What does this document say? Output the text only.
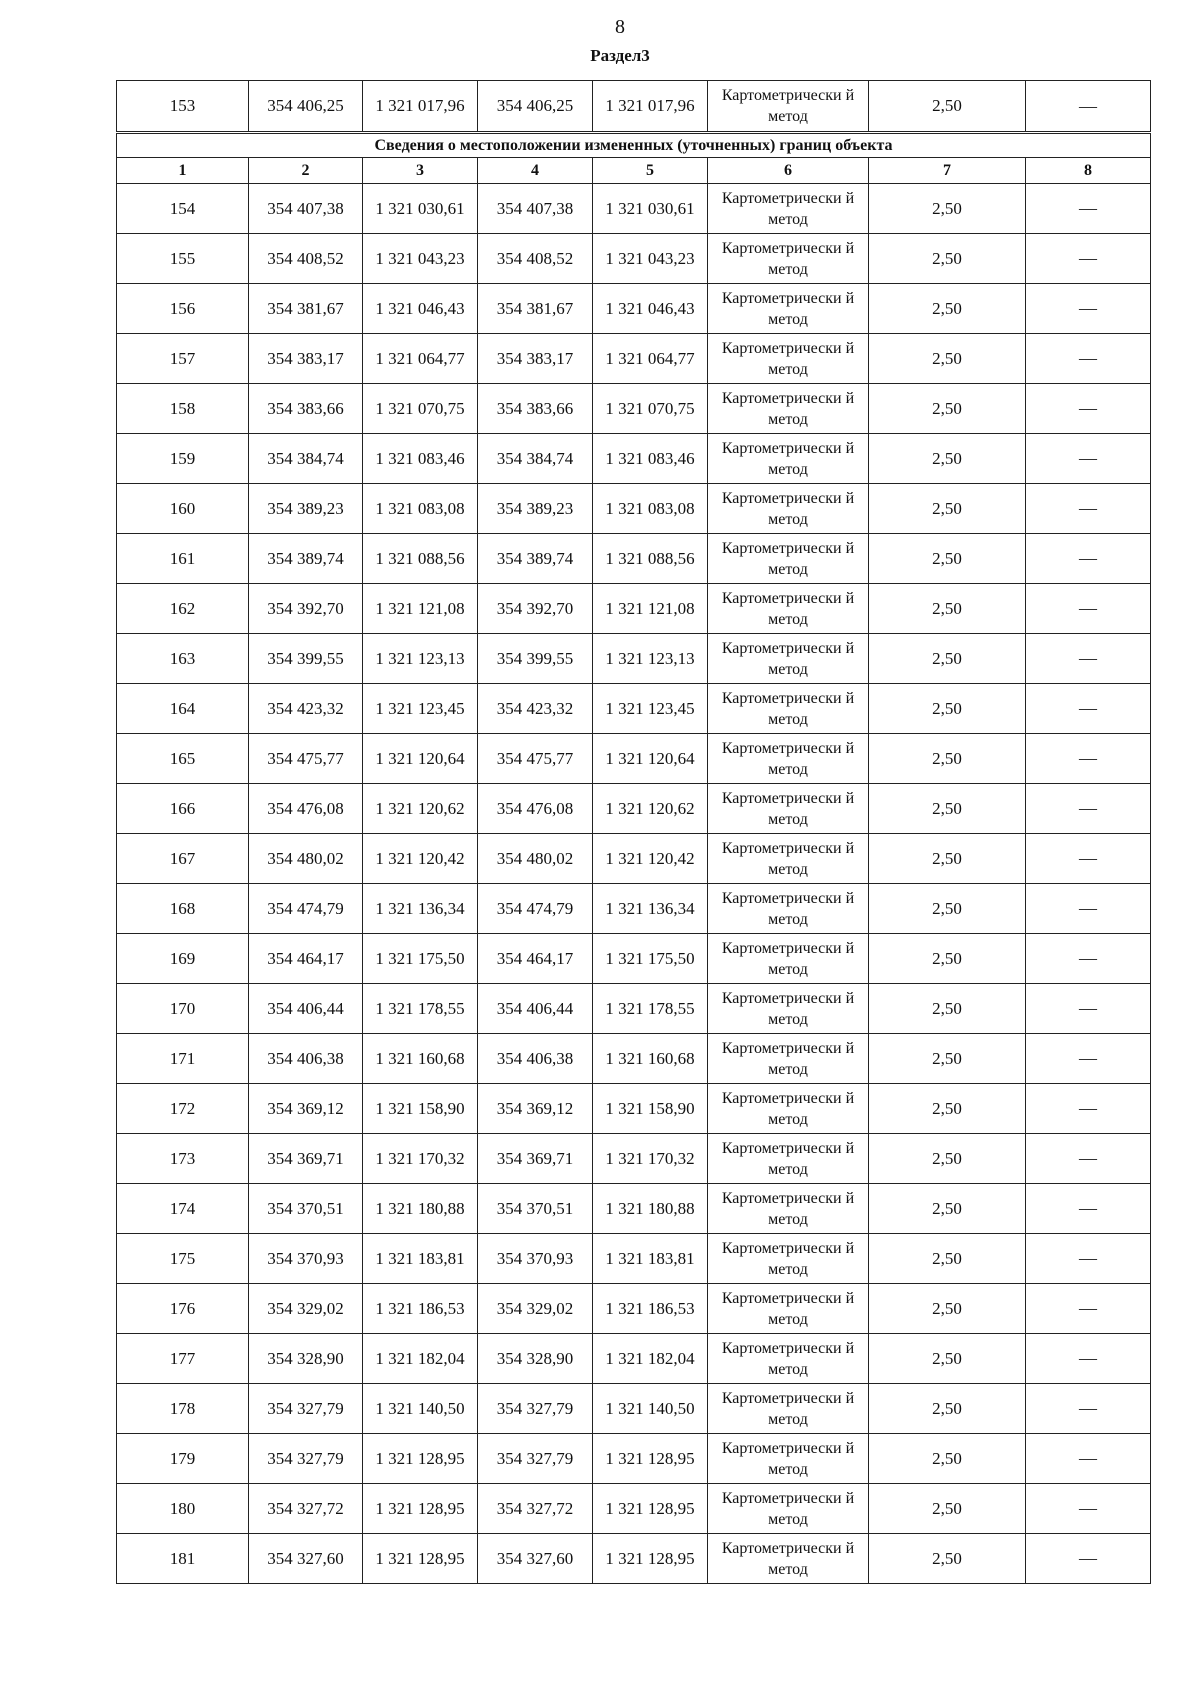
8
Раздел3
153	354 406,25	1 321 017,96	354 406,25	1 321 017,96	Картометрически й метод	2,50	—
Сведения о местоположении измененных (уточненных) границ объекта							
1	2	3	4	5	6	7	8
154	354 407,38	1 321 030,61	354 407,38	1 321 030,61	Картометрически й метод	2,50	—
155	354 408,52	1 321 043,23	354 408,52	1 321 043,23	Картометрически й метод	2,50	—
156	354 381,67	1 321 046,43	354 381,67	1 321 046,43	Картометрически й метод	2,50	—
157	354 383,17	1 321 064,77	354 383,17	1 321 064,77	Картометрически й метод	2,50	—
158	354 383,66	1 321 070,75	354 383,66	1 321 070,75	Картометрически й метод	2,50	—
159	354 384,74	1 321 083,46	354 384,74	1 321 083,46	Картометрически й метод	2,50	—
160	354 389,23	1 321 083,08	354 389,23	1 321 083,08	Картометрически й метод	2,50	—
161	354 389,74	1 321 088,56	354 389,74	1 321 088,56	Картометрически й метод	2,50	—
162	354 392,70	1 321 121,08	354 392,70	1 321 121,08	Картометрически й метод	2,50	—
163	354 399,55	1 321 123,13	354 399,55	1 321 123,13	Картометрически й метод	2,50	—
164	354 423,32	1 321 123,45	354 423,32	1 321 123,45	Картометрически й метод	2,50	—
165	354 475,77	1 321 120,64	354 475,77	1 321 120,64	Картометрически й метод	2,50	—
166	354 476,08	1 321 120,62	354 476,08	1 321 120,62	Картометрически й метод	2,50	—
167	354 480,02	1 321 120,42	354 480,02	1 321 120,42	Картометрически й метод	2,50	—
168	354 474,79	1 321 136,34	354 474,79	1 321 136,34	Картометрически й метод	2,50	—
169	354 464,17	1 321 175,50	354 464,17	1 321 175,50	Картометрически й метод	2,50	—
170	354 406,44	1 321 178,55	354 406,44	1 321 178,55	Картометрически й метод	2,50	—
171	354 406,38	1 321 160,68	354 406,38	1 321 160,68	Картометрически й метод	2,50	—
172	354 369,12	1 321 158,90	354 369,12	1 321 158,90	Картометрически й метод	2,50	—
173	354 369,71	1 321 170,32	354 369,71	1 321 170,32	Картометрически й метод	2,50	—
174	354 370,51	1 321 180,88	354 370,51	1 321 180,88	Картометрически й метод	2,50	—
175	354 370,93	1 321 183,81	354 370,93	1 321 183,81	Картометрически й метод	2,50	—
176	354 329,02	1 321 186,53	354 329,02	1 321 186,53	Картометрически й метод	2,50	—
177	354 328,90	1 321 182,04	354 328,90	1 321 182,04	Картометрически й метод	2,50	—
178	354 327,79	1 321 140,50	354 327,79	1 321 140,50	Картометрически й метод	2,50	—
179	354 327,79	1 321 128,95	354 327,79	1 321 128,95	Картометрически й метод	2,50	—
180	354 327,72	1 321 128,95	354 327,72	1 321 128,95	Картометрически й метод	2,50	—
181	354 327,60	1 321 128,95	354 327,60	1 321 128,95	Картометрически й метод	2,50	—
